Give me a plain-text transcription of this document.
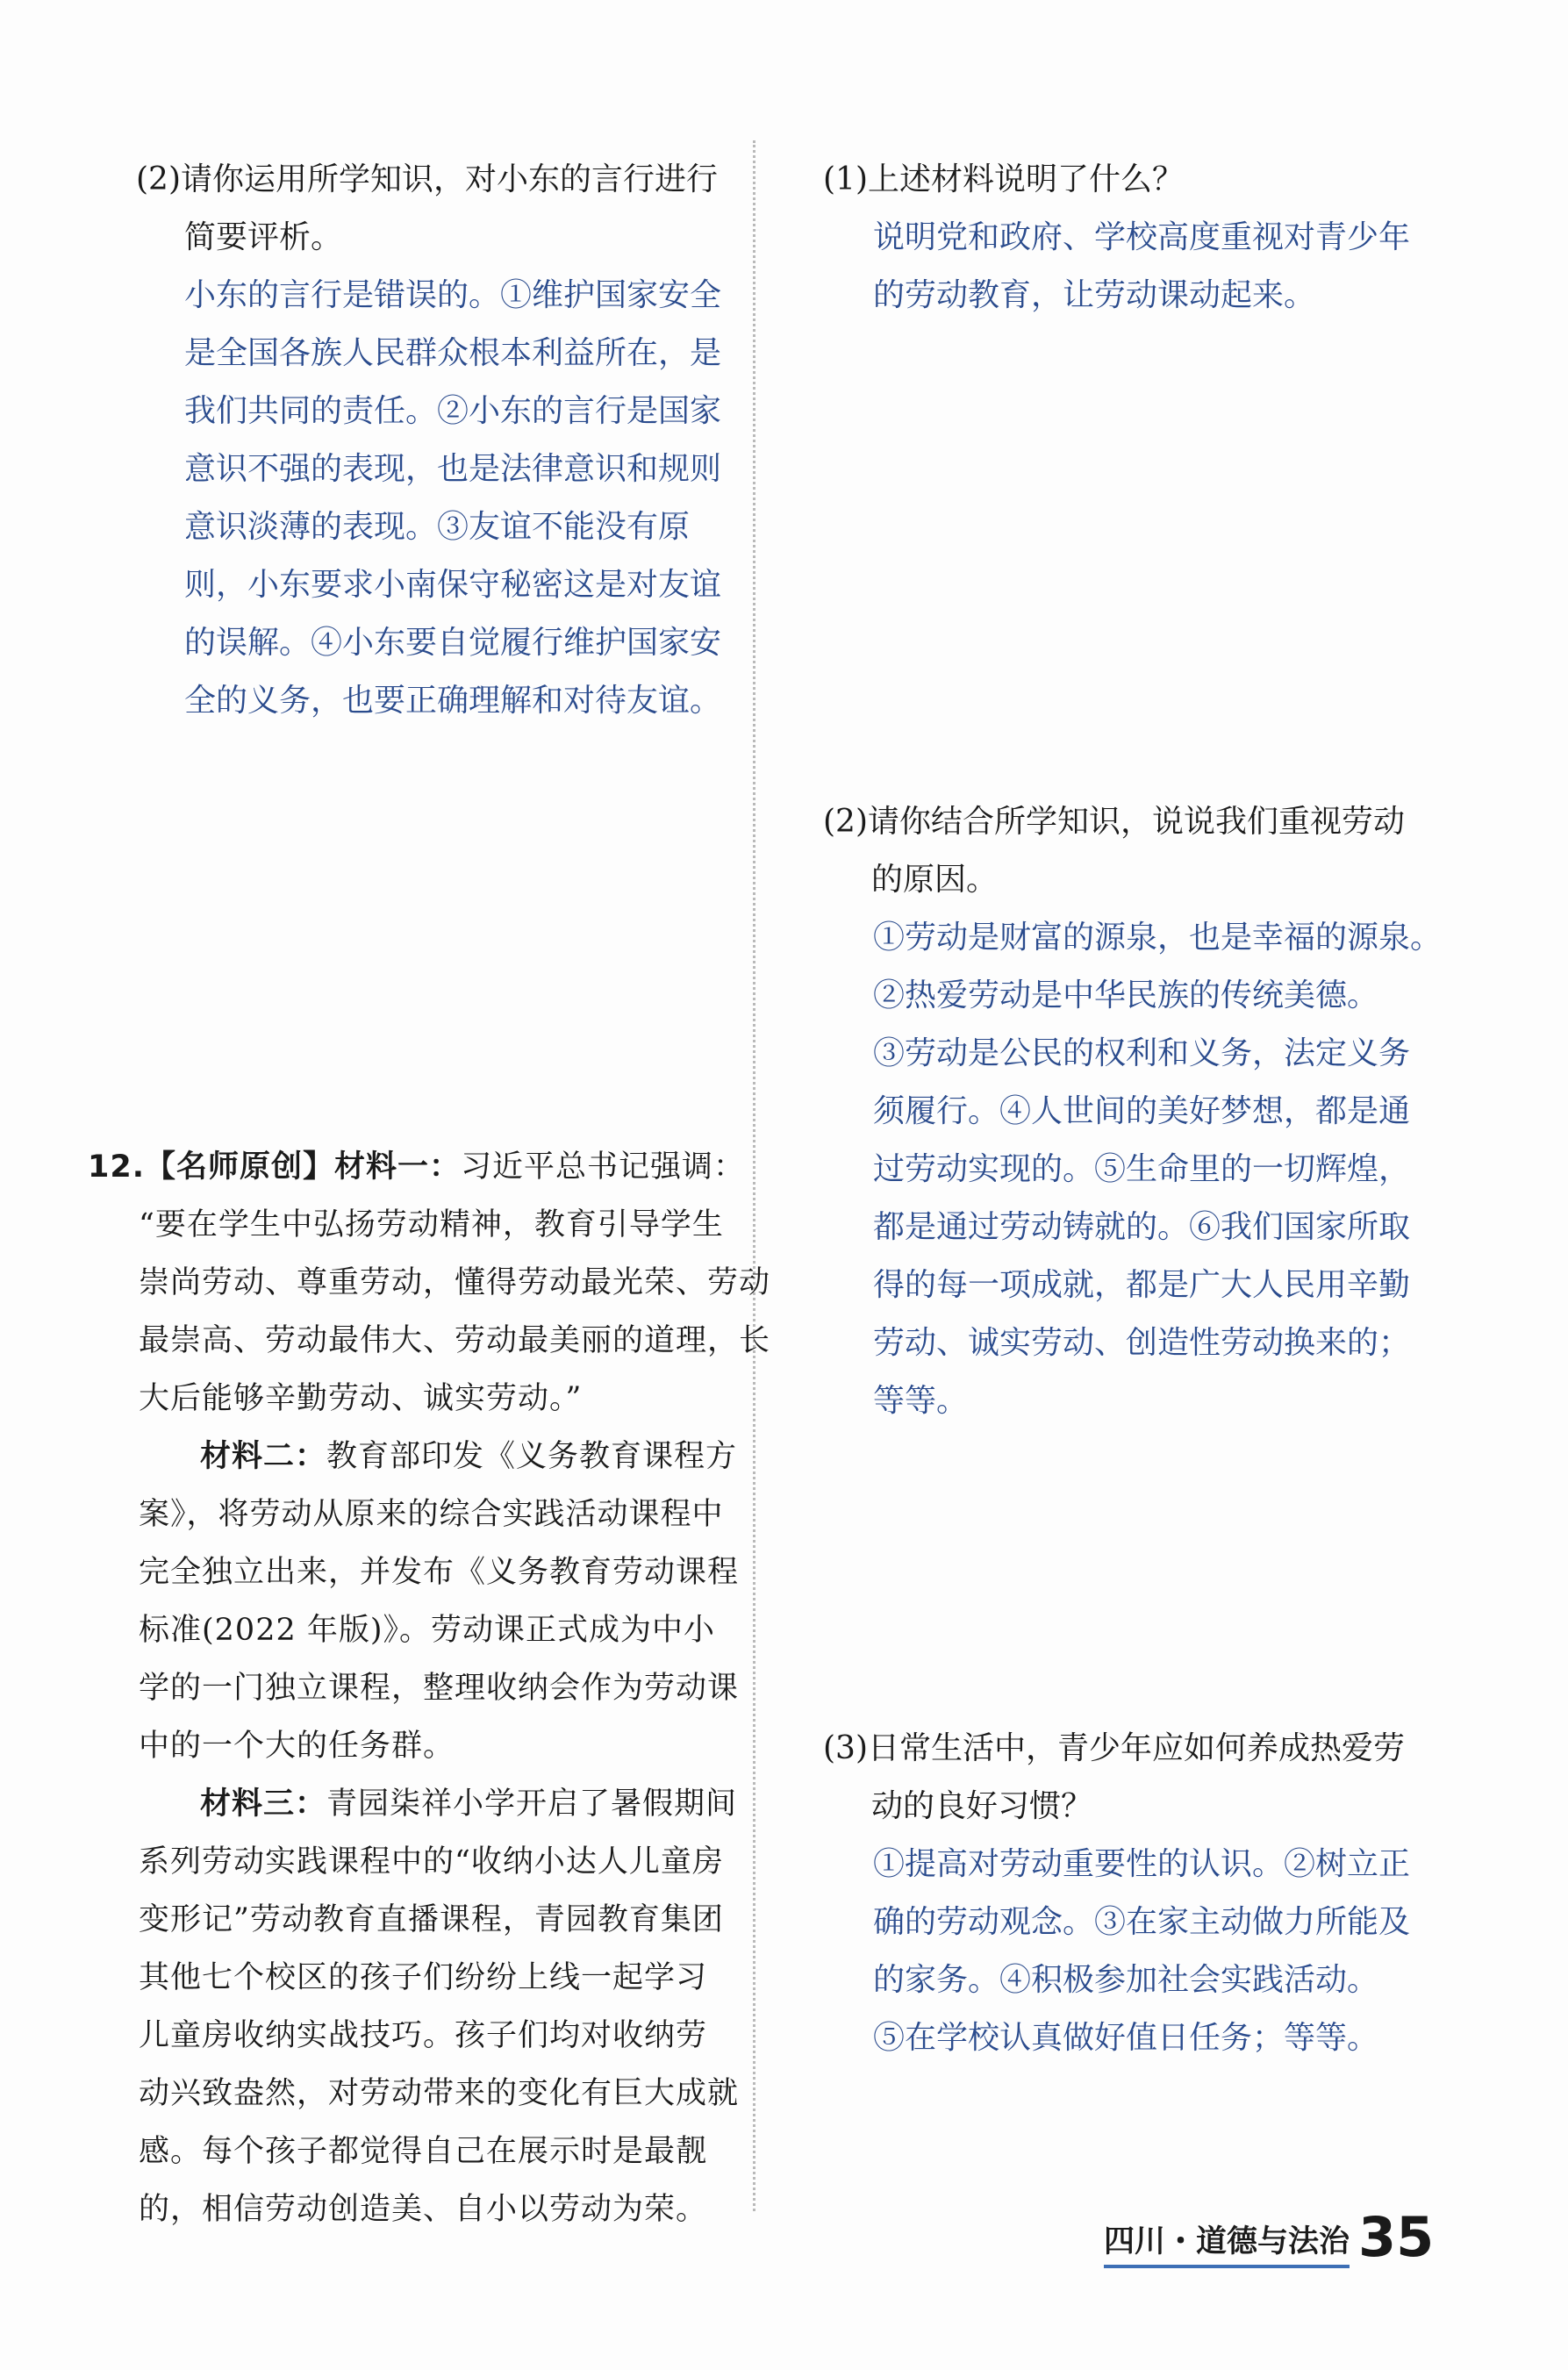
(2)请你运用所学知识，对小东的言行进行
简要评析。
小东的言行是错误的。①维护国家安全
是全国各族人民群众根本利益所在，是
我们共同的责任。②小东的言行是国家
意识不强的表现，也是法律意识和规则
意识淡薄的表现。③友谊不能没有原
则，小东要求小南保守秘密这是对友谊
的误解。④小东要自觉履行维护国家安
全的义务，也要正确理解和对待友谊。
12.【名师原创】材料一：习近平总书记强调：
“要在学生中弘扬劳动精神，教育引导学生
崇尚劳动、尊重劳动，懂得劳动最光荣、劳动
最崇高、劳动最伟大、劳动最美丽的道理，长
大后能够辛勤劳动、诚实劳动。”
材料二：教育部印发《义务教育课程方
案》，将劳动从原来的综合实践活动课程中
完全独立出来，并发布《义务教育劳动课程
标准(2022 年版)》。劳动课正式成为中小
学的一门独立课程，整理收纳会作为劳动课
中的一个大的任务群。
材料三：青园柒祥小学开启了暑假期间
系列劳动实践课程中的“收纳小达人儿童房
变形记”劳动教育直播课程，青园教育集团
其他七个校区的孩子们纷纷上线一起学习
儿童房收纳实战技巧。孩子们均对收纳劳
动兴致盎然，对劳动带来的变化有巨大成就
感。每个孩子都觉得自己在展示时是最靓
的，相信劳动创造美、自小以劳动为荣。
(1)上述材料说明了什么？
说明党和政府、学校高度重视对青少年
的劳动教育，让劳动课动起来。
(2)请你结合所学知识，说说我们重视劳动
的原因。
①劳动是财富的源泉，也是幸福的源泉。
②热爱劳动是中华民族的传统美德。
③劳动是公民的权利和义务，法定义务
须履行。④人世间的美好梦想，都是通
过劳动实现的。⑤生命里的一切辉煌，
都是通过劳动铸就的。⑥我们国家所取
得的每一项成就，都是广大人民用辛勤
劳动、诚实劳动、创造性劳动换来的；
等等。
(3)日常生活中，青少年应如何养成热爱劳
动的良好习惯？
①提高对劳动重要性的认识。②树立正
确的劳动观念。③在家主动做力所能及
的家务。④积极参加社会实践活动。
⑤在学校认真做好值日任务；等等。
四川・道德与法治 35
